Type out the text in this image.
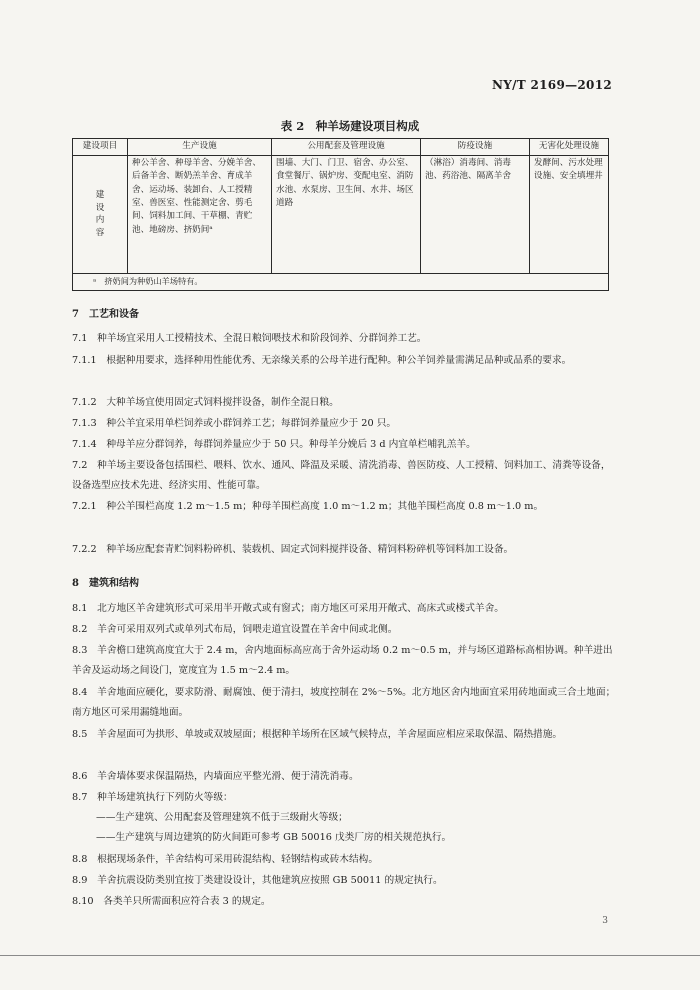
NY/T 2169—2012
表 2　种羊场建设项目构成
建设项目	生产设施	公用配套及管理设施	防疫设施	无害化处理设施
建设内容	种公羊舍、种母羊舍、分娩羊舍、后备羊舍、断奶羔羊舍、育成羊舍、运动场、装卸台、人工授精室、兽医室、性能测定舍、剪毛间、饲料加工间、干草棚、青贮池、地磅房、挤奶间ᵃ	围墙、大门、门卫、宿舍、办公室、食堂餐厅、锅炉房、变配电室、消防水池、水泵房、卫生间、水井、场区道路	（淋浴）消毒间、消毒池、药浴池、隔离羊舍	发酵间、污水处理设施、安全填埋井
ᵃ　挤奶间为种奶山羊场特有。				
7　工艺和设备
7.1　种羊场宜采用人工授精技术、全混日粮饲喂技术和阶段饲养、分群饲养工艺。
7.1.1　根据种用要求，选择种用性能优秀、无亲缘关系的公母羊进行配种。种公羊饲养量需满足品种或品系的要求。
7.1.2　大种羊场宜使用固定式饲料搅拌设备，制作全混日粮。
7.1.3　种公羊宜采用单栏饲养或小群饲养工艺；每群饲养量应少于 20 只。
7.1.4　种母羊应分群饲养，每群饲养量应少于 50 只。种母羊分娩后 3 d 内宜单栏哺乳羔羊。
7.2　种羊场主要设备包括围栏、喂料、饮水、通风、降温及采暖、清洗消毒、兽医防疫、人工授精、饲料加工、清粪等设备，设备选型应技术先进、经济实用、性能可靠。
7.2.1　种公羊围栏高度 1.2 m～1.5 m；种母羊围栏高度 1.0 m～1.2 m；其他羊围栏高度 0.8 m～1.0 m。
7.2.2　种羊场应配套青贮饲料粉碎机、装载机、固定式饲料搅拌设备、精饲料粉碎机等饲料加工设备。
8　建筑和结构
8.1　北方地区羊舍建筑形式可采用半开敞式或有窗式；南方地区可采用开敞式、高床式或楼式羊舍。
8.2　羊舍可采用双列式或单列式布局，饲喂走道宜设置在羊舍中间或北侧。
8.3　羊舍檐口建筑高度宜大于 2.4 m，舍内地面标高应高于舍外运动场 0.2 m～0.5 m，并与场区道路标高相协调。种羊进出羊舍及运动场之间设门，宽度宜为 1.5 m～2.4 m。
8.4　羊舍地面应硬化，要求防滑、耐腐蚀、便于清扫，坡度控制在 2%～5%。北方地区舍内地面宜采用砖地面或三合土地面；南方地区可采用漏缝地面。
8.5　羊舍屋面可为拱形、单坡或双坡屋面；根据种羊场所在区域气候特点，羊舍屋面应相应采取保温、隔热措施。
8.6　羊舍墙体要求保温隔热，内墙面应平整光滑、便于清洗消毒。
8.7　种羊场建筑执行下列防火等级：
——生产建筑、公用配套及管理建筑不低于三级耐火等级；
——生产建筑与周边建筑的防火间距可参考 GB 50016 戊类厂房的相关规范执行。
8.8　根据现场条件，羊舍结构可采用砖混结构、轻钢结构或砖木结构。
8.9　羊舍抗震设防类别宜按丁类建设设计，其他建筑应按照 GB 50011 的规定执行。
8.10　各类羊只所需面积应符合表 3 的规定。
3
